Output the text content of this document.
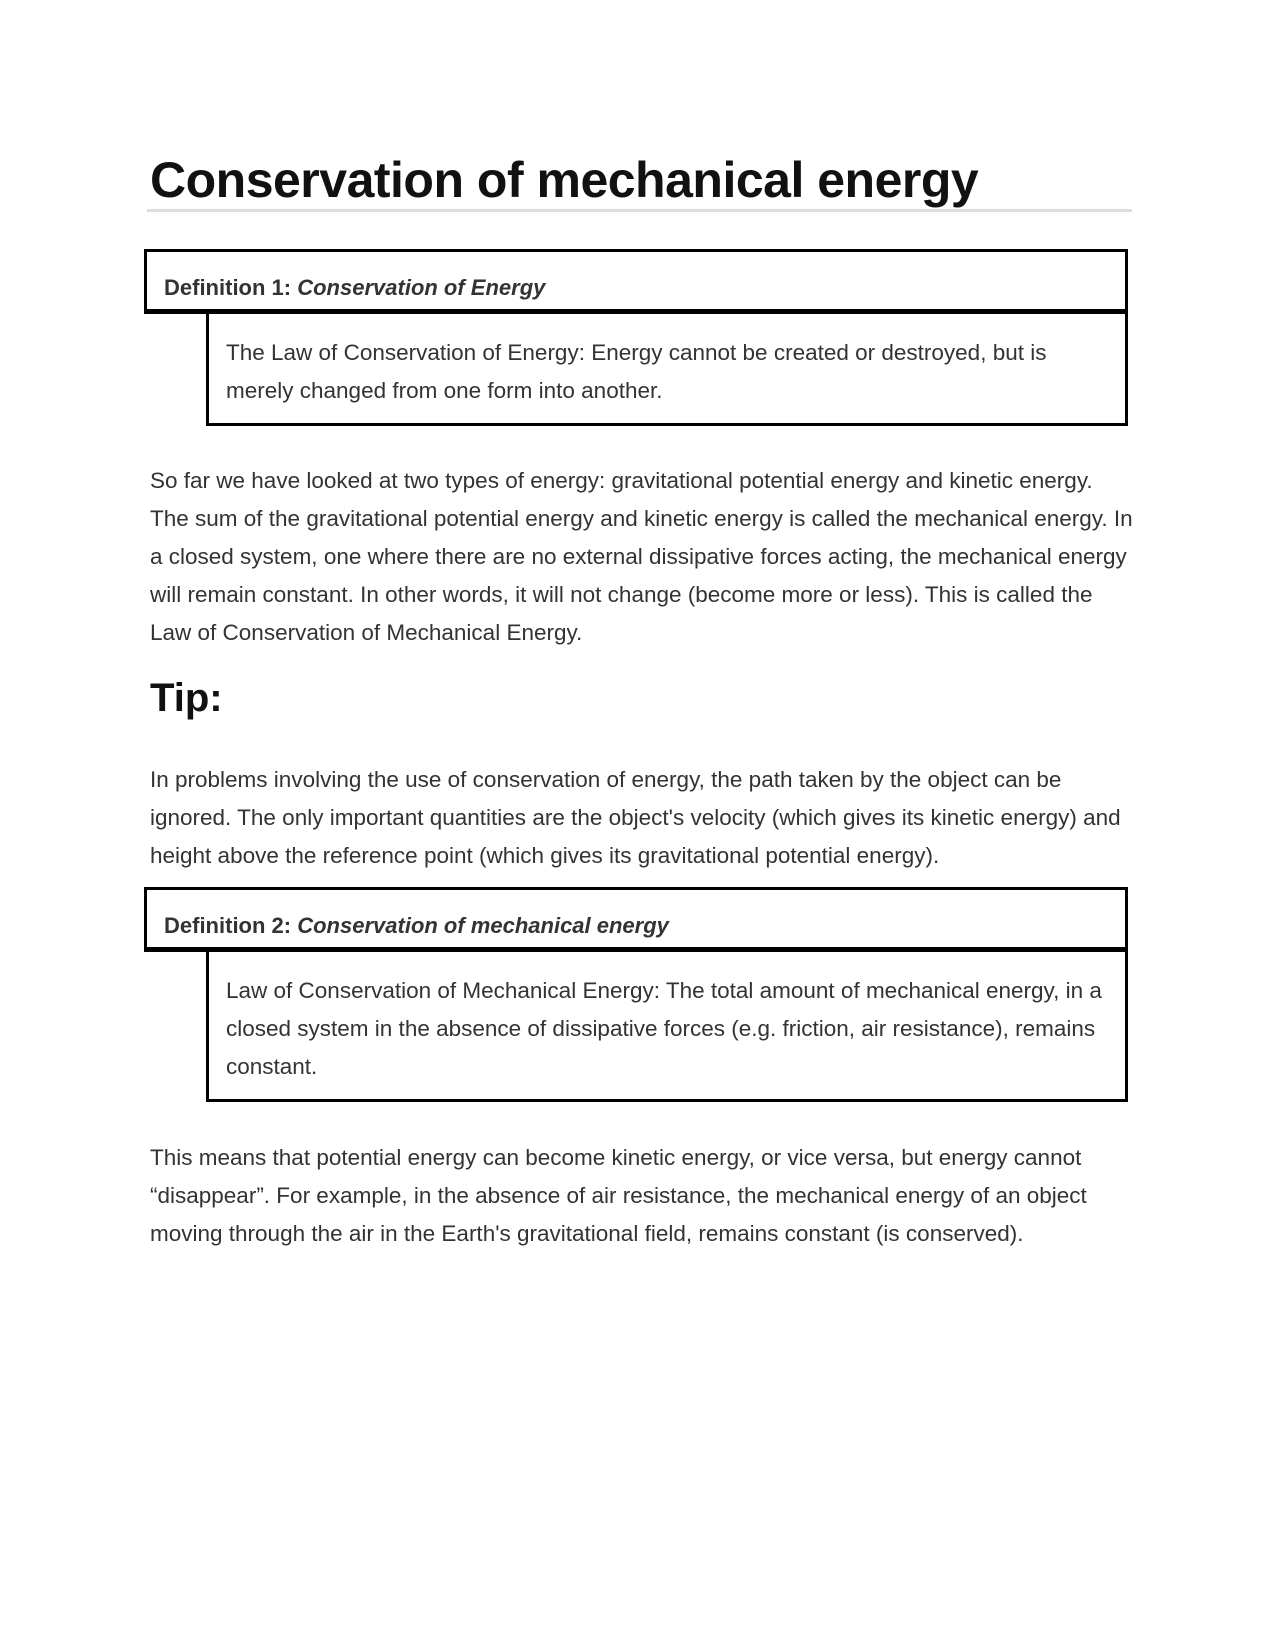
Conservation of mechanical energy
Definition 1: Conservation of Energy

The Law of Conservation of Energy: Energy cannot be created or destroyed, but is merely changed from one form into another.

So far we have looked at two types of energy: gravitational potential energy and kinetic energy. The sum of the gravitational potential energy and kinetic energy is called the mechanical energy. In a closed system, one where there are no external dissipative forces acting, the mechanical energy will remain constant. In other words, it will not change (become more or less). This is called the Law of Conservation of Mechanical Energy.

Tip:

In problems involving the use of conservation of energy, the path taken by the object can be ignored. The only important quantities are the object's velocity (which gives its kinetic energy) and height above the reference point (which gives its gravitational potential energy).

Definition 2: Conservation of mechanical energy

Law of Conservation of Mechanical Energy: The total amount of mechanical energy, in a closed system in the absence of dissipative forces (e.g. friction, air resistance), remains constant.

This means that potential energy can become kinetic energy, or vice versa, but energy cannot “disappear”. For example, in the absence of air resistance, the mechanical energy of an object moving through the air in the Earth's gravitational field, remains constant (is conserved).
